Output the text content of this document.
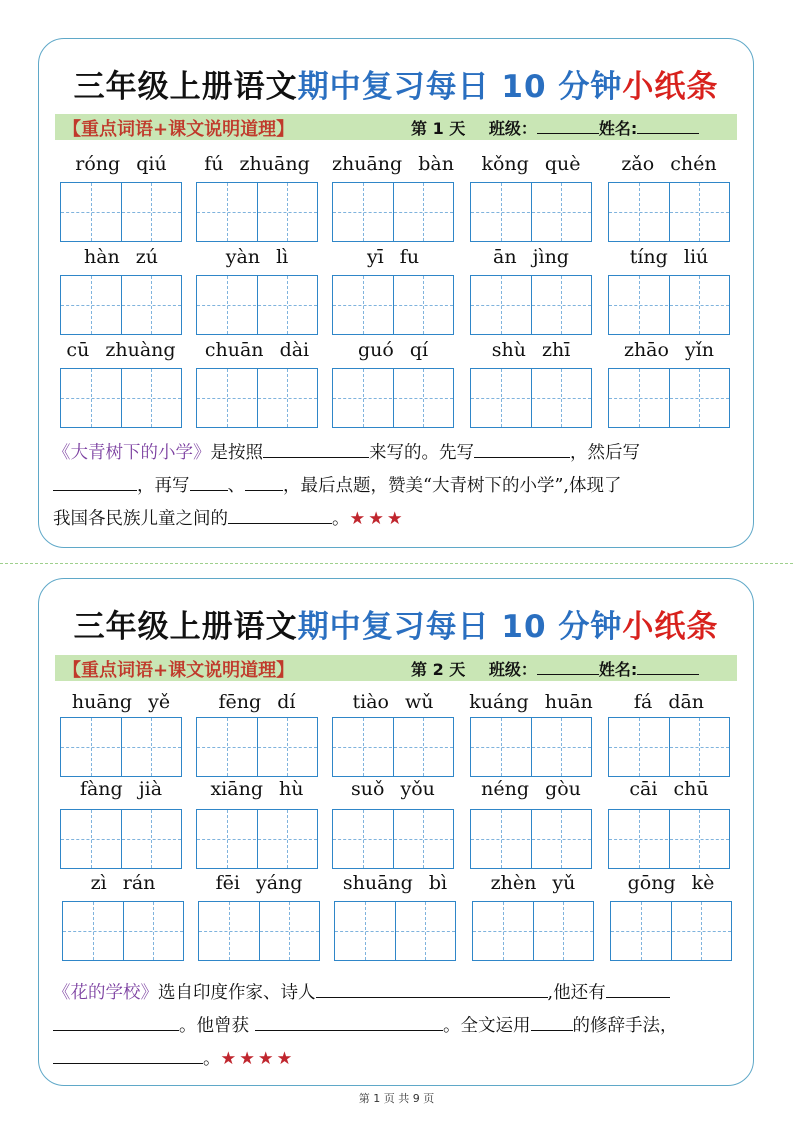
三年级上册语文期中复习每日 10 分钟小纸条
【重点词语+课文说明道理】	第 1 天 班级：	姓名:
róng qiú	fú zhuāng	zhuāng bàn	kǒng què	zǎo chén
hàn zú	yàn lì	yī fu	ān jìng	tíng liú
cū zhuàng	chuān dài	guó qí	shù zhī	zhāo yǐn
《大青树下的小学》是按照	来写的。先写	，然后写
，再写 、 ，最后点题，赞美“大青树下的小学”,体现了
我国各民族儿童之间的	。★★★
三年级上册语文期中复习每日 10 分钟小纸条
【重点词语+课文说明道理】	第 2 天 班级：	姓名:
huāng yě	fēng dí	tiào wǔ	kuáng huān	fá dān
fàng jià	xiāng hù	suǒ yǒu	néng gòu	cāi chū
zì rán	fēi yáng	shuāng bì	zhèn yǔ	gōng kè
《花的学校》选自印度作家、诗人	,他还有
。他曾获	。全文运用 的修辞手法，
。★★★★
第 1 页 共 9 页
